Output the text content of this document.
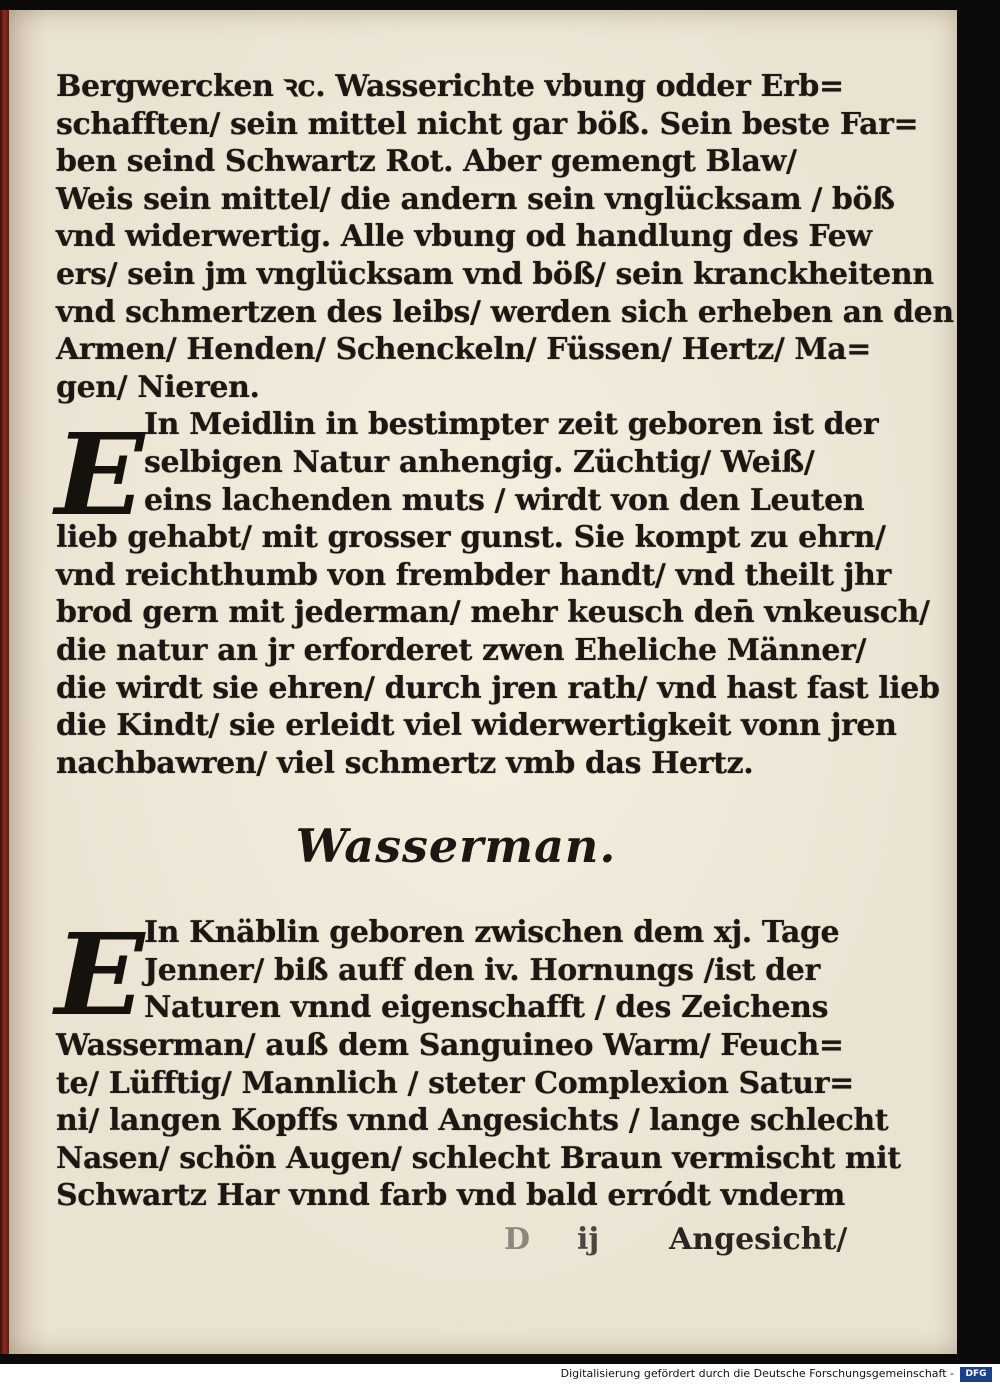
Bergwercken ꝛc. Wasserichte vbung odder Erb=
schafften/ sein mittel nicht gar böß. Sein beste Far=
ben seind Schwartz Rot. Aber gemengt Blaw/
Weis sein mittel/ die andern sein vnglücksam / böß
vnd widerwertig. Alle vbung od handlung des Few
ers/ sein jm vnglücksam vnd böß/ sein kranckheitenn
vnd schmertzen des leibs/ werden sich erheben an den
Armen/ Henden/ Schenckeln/ Füssen/ Hertz/ Ma=
gen/ Nieren.
In Meidlin in bestimpter zeit geboren ist der
selbigen Natur anhengig. Züchtig/ Weiß/
eins lachenden muts / wirdt von den Leuten
lieb gehabt/ mit grosser gunst. Sie kompt zu ehrn/
vnd reichthumb von frembder handt/ vnd theilt jhr
brod gern mit jederman/ mehr keusch den̄ vnkeusch/
die natur an jr erforderet zwen Eheliche Männer/
die wirdt sie ehren/ durch jren rath/ vnd hast fast lieb
die Kindt/ sie erleidt viel widerwertigkeit vonn jren
nachbawren/ viel schmertz vmb das Hertz.
Wasserman.
In Knäblin geboren zwischen dem xj. Tage
Jenner/ biß auff den iv. Hornungs /ist der
Naturen vnnd eigenschafft / des Zeichens
Wasserman/ auß dem Sanguineo Warm/ Feuch=
te/ Lüfftig/ Mannlich / steter Complexion Satur=
ni/ langen Kopffs vnnd Angesichts / lange schlecht
Nasen/ schön Augen/ schlecht Braun vermischt mit
Schwartz Har vnnd farb vnd bald erródt vnderm
E
E
D ij Angesicht/
Digitalisierung gefördert durch die Deutsche Forschungsgemeinschaft -	DFG
